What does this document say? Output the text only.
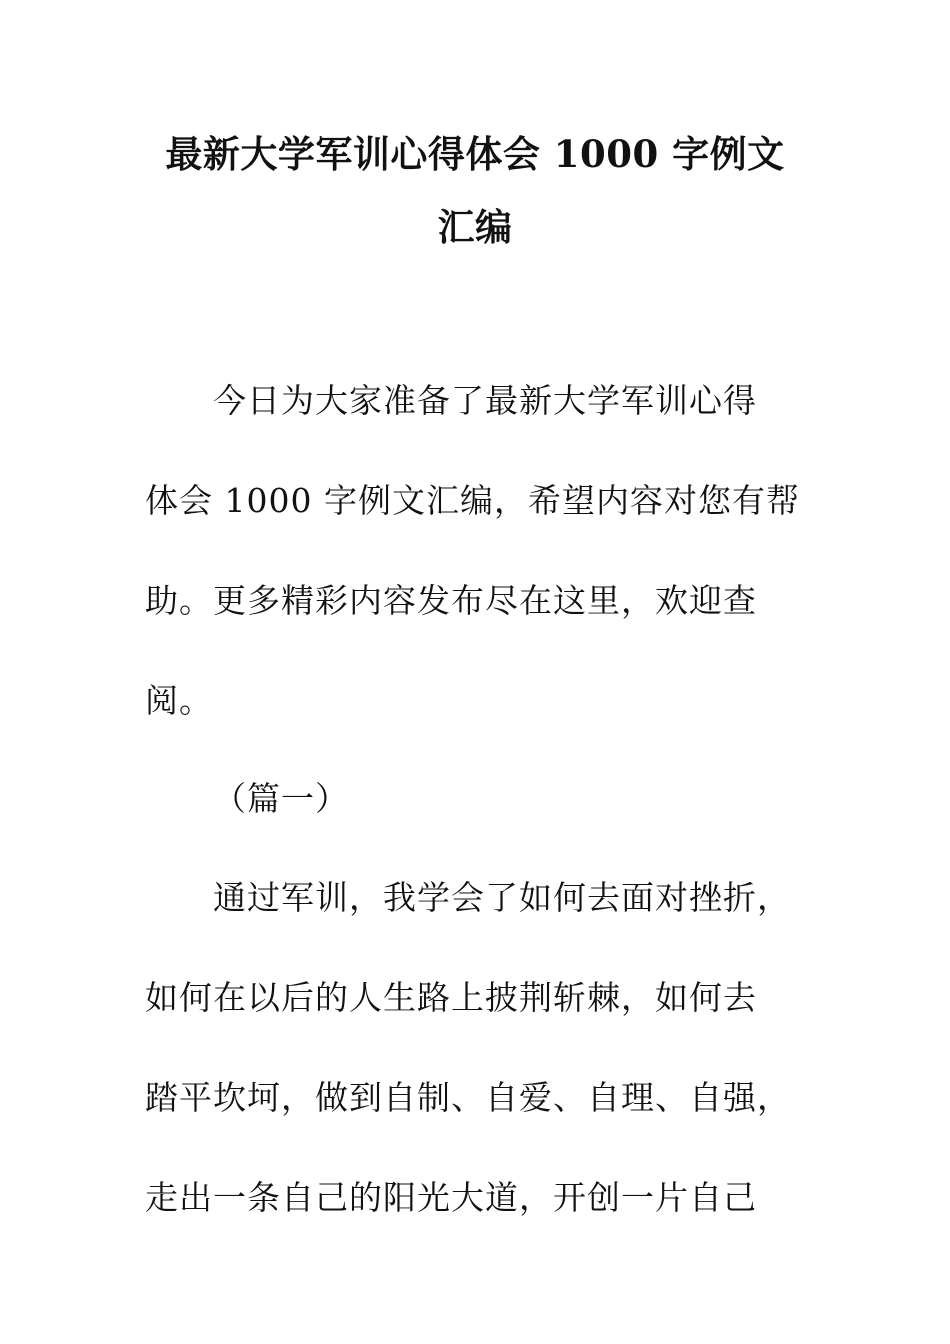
最新大学军训心得体会 1000 字例文
汇编
今日为大家准备了最新大学军训心得
体会 1000 字例文汇编，希望内容对您有帮
助。更多精彩内容发布尽在这里，欢迎查
阅。
（篇一）
通过军训，我学会了如何去面对挫折，
如何在以后的人生路上披荆斩棘，如何去
踏平坎坷，做到自制、自爱、自理、自强，
走出一条自己的阳光大道，开创一片自己
